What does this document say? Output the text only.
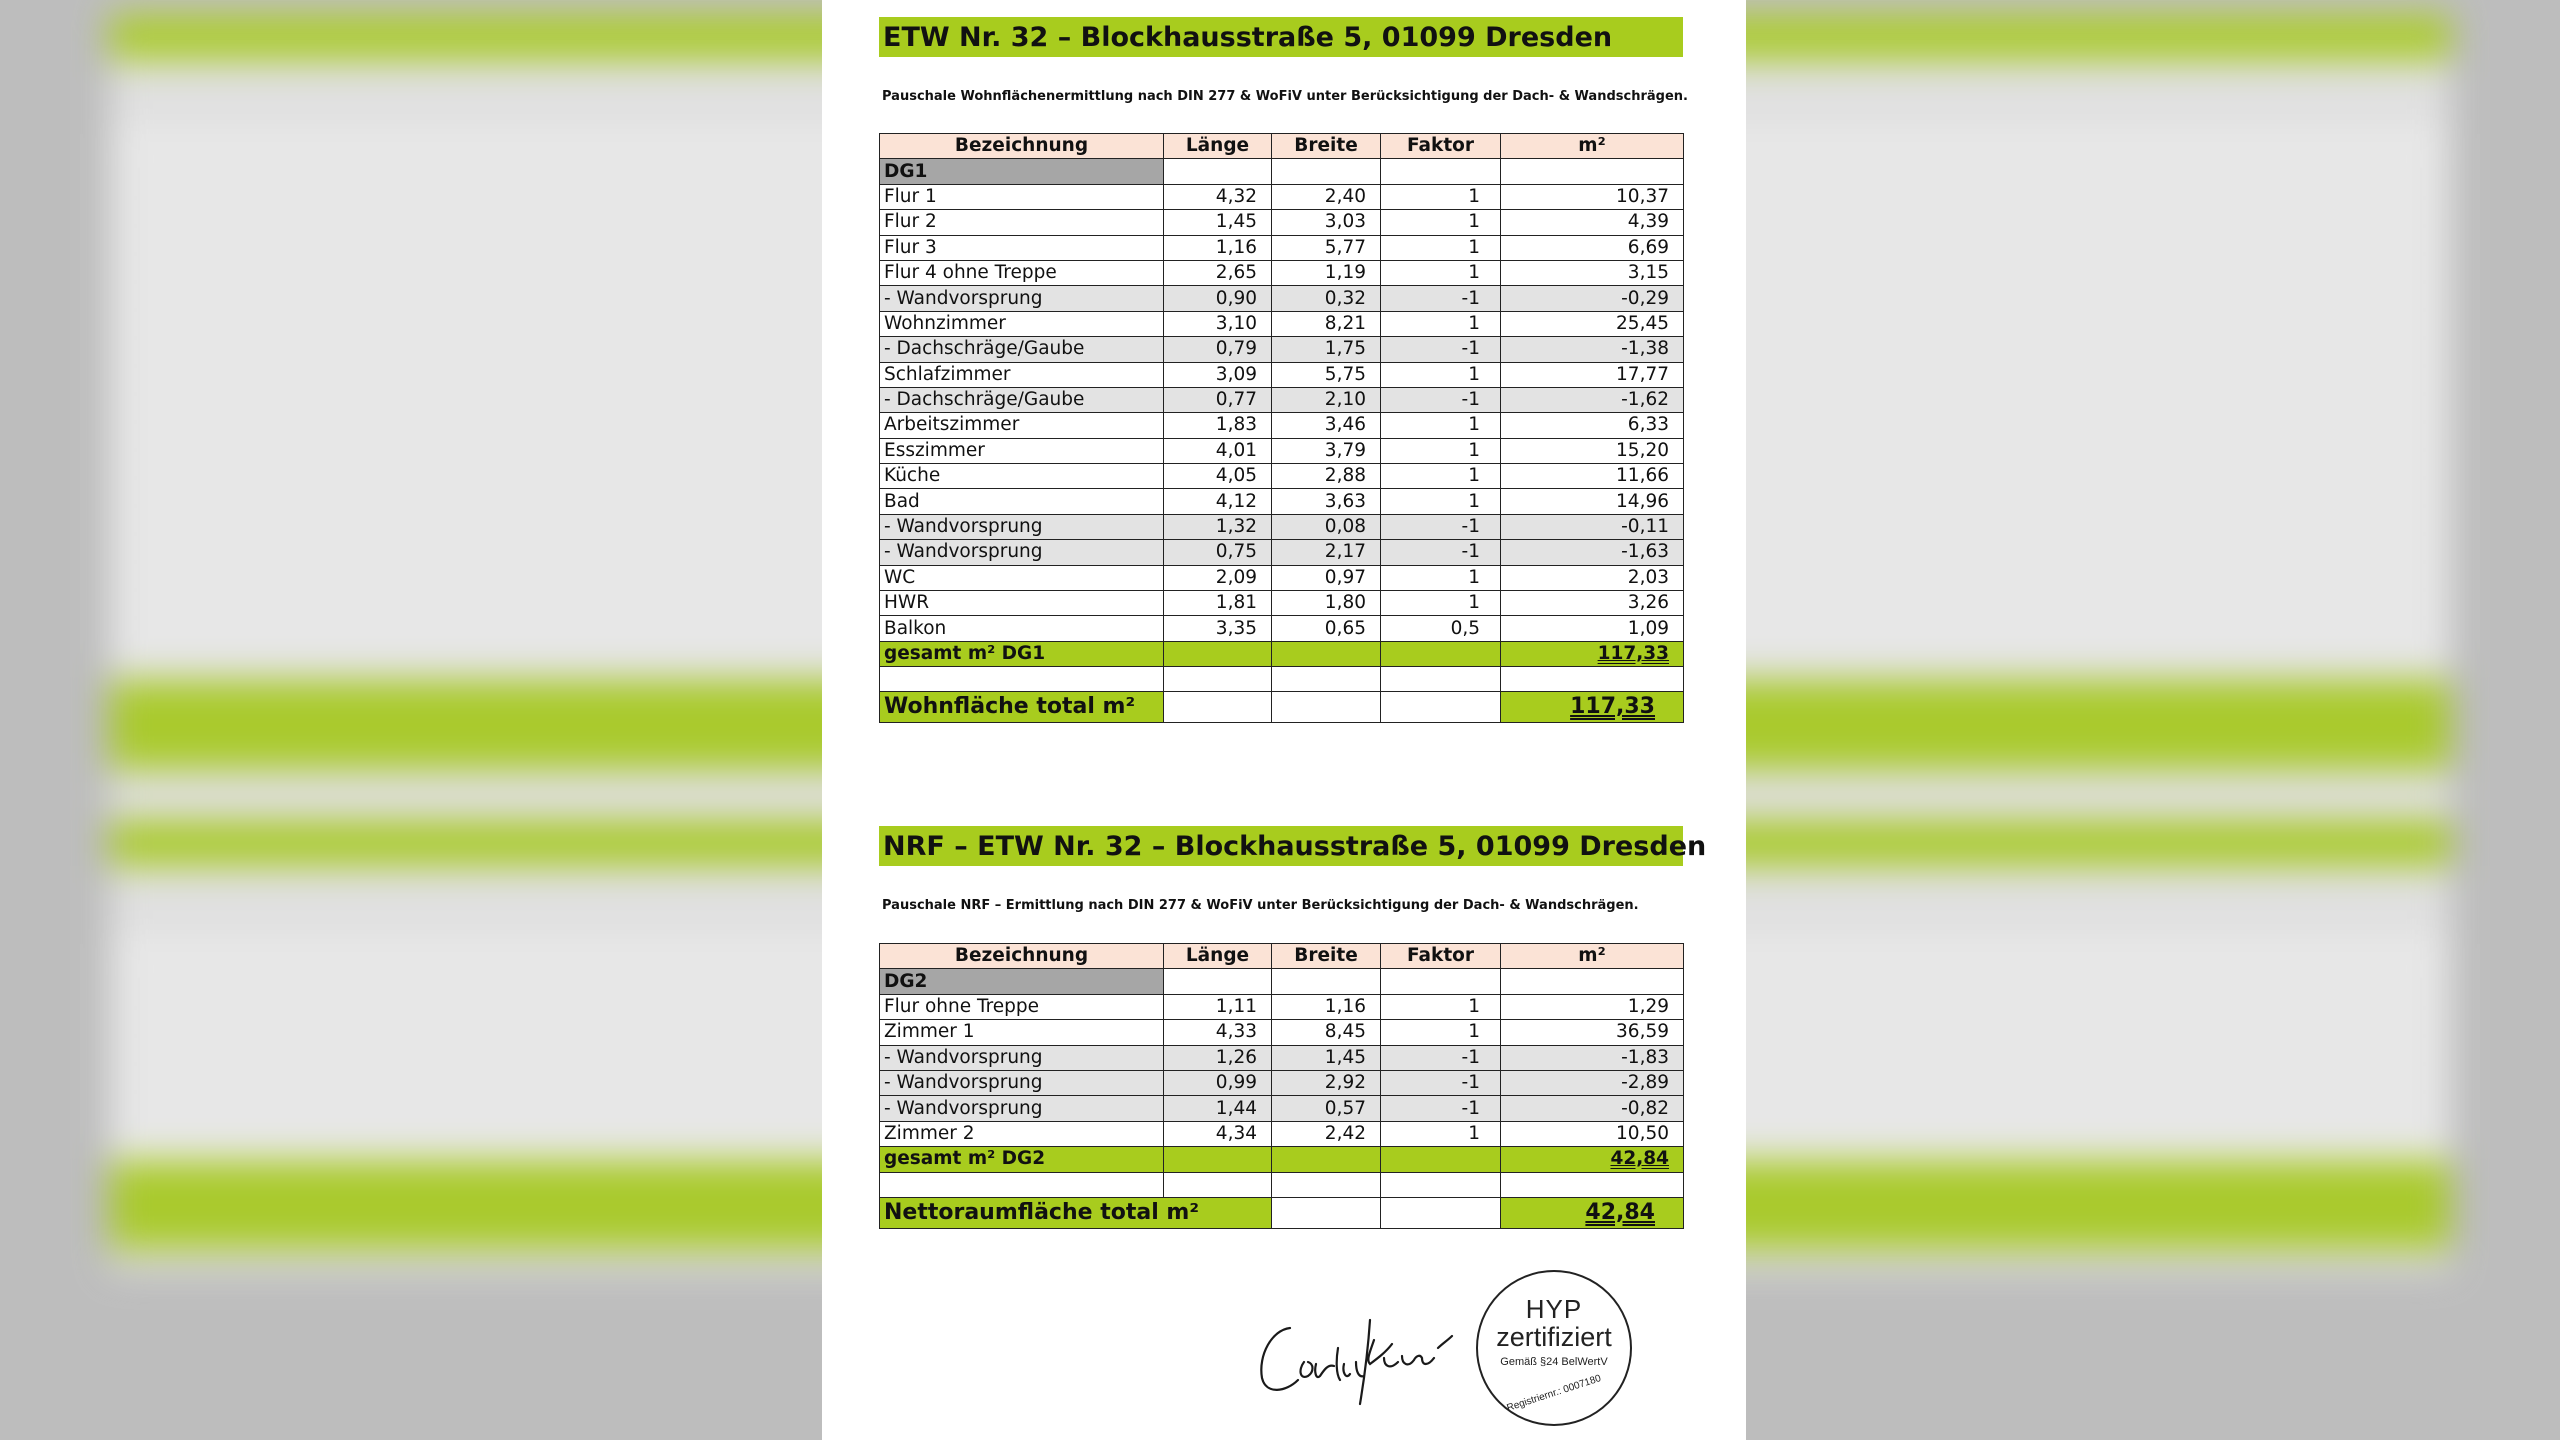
ETW Nr. 32 – Blockhausstraße 5, 01099 Dresden
Pauschale Wohnflächenermittlung nach DIN 277 & WoFiV unter Berücksichtigung der Dach- & Wandschrägen.
Bezeichnung	Länge	Breite	Faktor	m²
DG1				
Flur 1	4,32	2,40	1	10,37
Flur 2	1,45	3,03	1	4,39
Flur 3	1,16	5,77	1	6,69
Flur 4 ohne Treppe	2,65	1,19	1	3,15
- Wandvorsprung	0,90	0,32	-1	-0,29
Wohnzimmer	3,10	8,21	1	25,45
- Dachschräge/Gaube	0,79	1,75	-1	-1,38
Schlafzimmer	3,09	5,75	1	17,77
- Dachschräge/Gaube	0,77	2,10	-1	-1,62
Arbeitszimmer	1,83	3,46	1	6,33
Esszimmer	4,01	3,79	1	15,20
Küche	4,05	2,88	1	11,66
Bad	4,12	3,63	1	14,96
- Wandvorsprung	1,32	0,08	-1	-0,11
- Wandvorsprung	0,75	2,17	-1	-1,63
WC	2,09	0,97	1	2,03
HWR	1,81	1,80	1	3,26
Balkon	3,35	0,65	0,5	1,09
gesamt m² DG1				117,33

Wohnfläche total m²				117,33
NRF – ETW Nr. 32 – Blockhausstraße 5, 01099 Dresden
Pauschale NRF – Ermittlung nach DIN 277 & WoFiV unter Berücksichtigung der Dach- & Wandschrägen.
Bezeichnung	Länge	Breite	Faktor	m²
DG2				
Flur ohne Treppe	1,11	1,16	1	1,29
Zimmer 1	4,33	8,45	1	36,59
- Wandvorsprung	1,26	1,45	-1	-1,83
- Wandvorsprung	0,99	2,92	-1	-2,89
- Wandvorsprung	1,44	0,57	-1	-0,82
Zimmer 2	4,34	2,42	1	10,50
gesamt m² DG2				42,84

Nettoraumfläche total m²				42,84
HYP
zertifiziert
Gemäß §24 BelWertV
Registriernr.: 0007180
